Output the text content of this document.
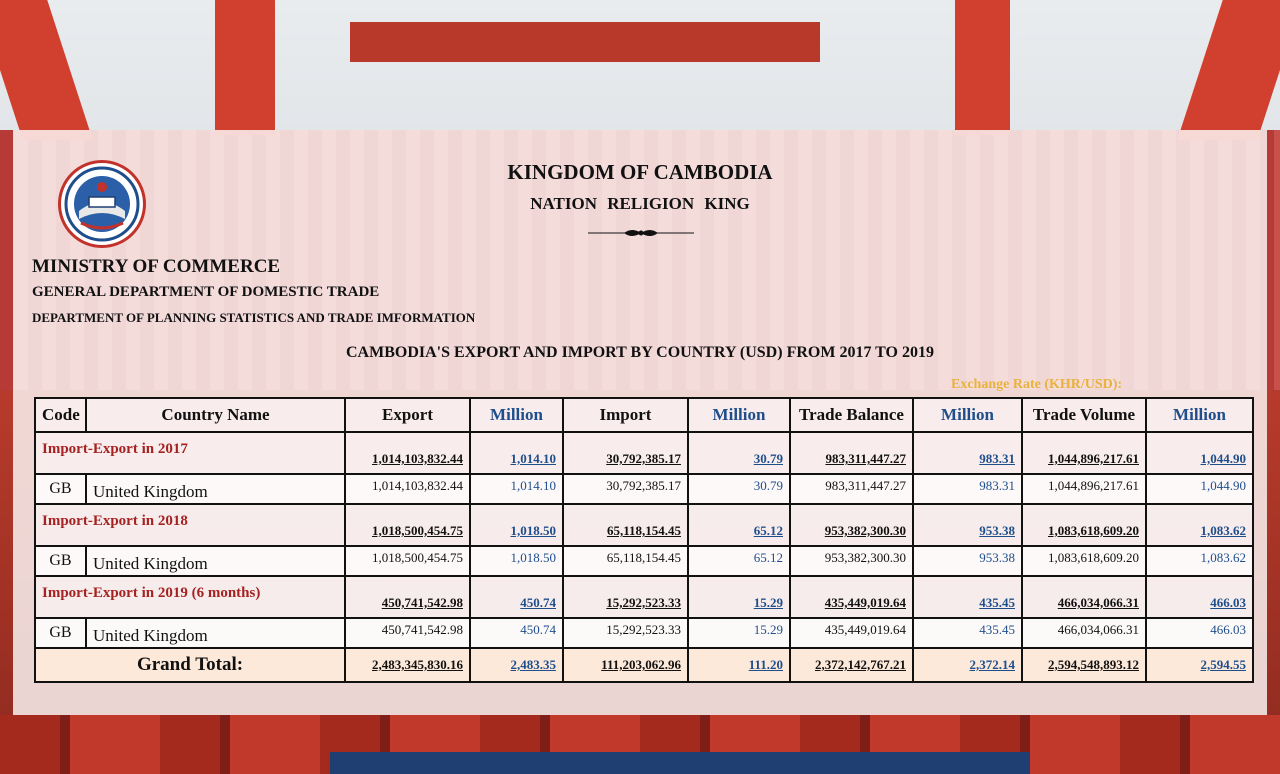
KINGDOM OF CAMBODIA
NATION RELIGION KING
MINISTRY OF COMMERCE
GENERAL DEPARTMENT OF DOMESTIC TRADE
DEPARTMENT OF PLANNING STATISTICS AND TRADE IMFORMATION
CAMBODIA'S EXPORT AND IMPORT BY COUNTRY (USD) FROM 2017 TO 2019
Exchange Rate (KHR/USD):
Code	Country Name	Export	Million	Import	Million	Trade Balance	Million	Trade Volume	Million
Import-Export in 2017		1,014,103,832.44	1,014.10	30,792,385.17	30.79	983,311,447.27	983.31	1,044,896,217.61	1,044.90
GB	United Kingdom	1,014,103,832.44	1,014.10	30,792,385.17	30.79	983,311,447.27	983.31	1,044,896,217.61	1,044.90
Import-Export in 2018		1,018,500,454.75	1,018.50	65,118,154.45	65.12	953,382,300.30	953.38	1,083,618,609.20	1,083.62
GB	United Kingdom	1,018,500,454.75	1,018.50	65,118,154.45	65.12	953,382,300.30	953.38	1,083,618,609.20	1,083.62
Import-Export in 2019 (6 months)		450,741,542.98	450.74	15,292,523.33	15.29	435,449,019.64	435.45	466,034,066.31	466.03
GB	United Kingdom	450,741,542.98	450.74	15,292,523.33	15.29	435,449,019.64	435.45	466,034,066.31	466.03
Grand Total:		2,483,345,830.16	2,483.35	111,203,062.96	111.20	2,372,142,767.21	2,372.14	2,594,548,893.12	2,594.55
